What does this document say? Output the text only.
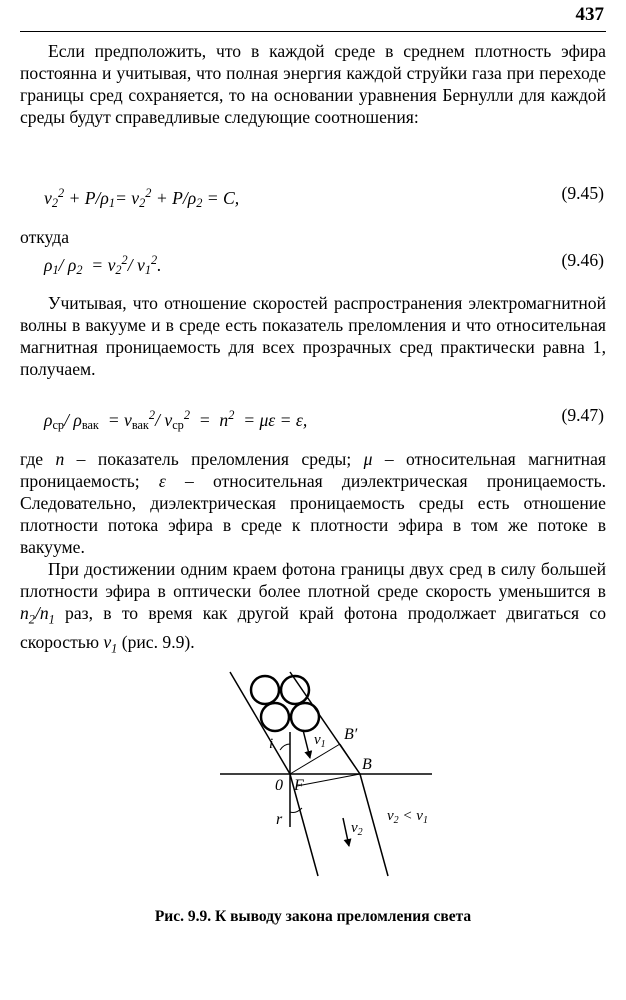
437

Если предположить, что в каждой среде в среднем плотность эфира постоянна и учитывая, что полная энергия каждой струйки газа при переходе границы сред сохраняется, то на основании уравнения Бернулли для каждой среды будут справедливые следующие соотношения:

$v_2^2 + P/\rho_1= v_2^2 + P/\rho_2 = C$,	(9.45)

откуда

$\rho_1/$ $\rho_2 = v_2^2/$ $v_1^2$.	(9.46)

Учитывая, что отношение скоростей распространения электромагнитной волны в вакууме и в среде есть показатель преломления и что относительная магнитная проницаемость для всех прозрачных сред практически равна 1, получаем.

$\rho_{ср}/$ $\rho_{вак} = v_{вак}^2/$ $v_{ср}^2 = n^2 = \mu\varepsilon = \varepsilon$,	(9.47)

где n – показатель преломления среды; μ – относительная магнитная проницаемость; ε – относительная диэлектрическая проницаемость. Следовательно, диэлектрическая проницаемость среды есть отношение плотности потока эфира в среде к плотности эфира в том же потоке в вакууме.

При достижении одним краем фотона границы двух сред в силу большей плотности эфира в оптически более плотной среде скорость уменьшится в $n_2/n_1$ раз, в то время как другой край фотона продолжает двигаться со скоростью $v_1$ (рис. 9.9).

i	$v_1$
B′
B
0 F
r	$v_2$
$v_2 < v_1$
Рис. 9.9. К выводу закона преломления света
